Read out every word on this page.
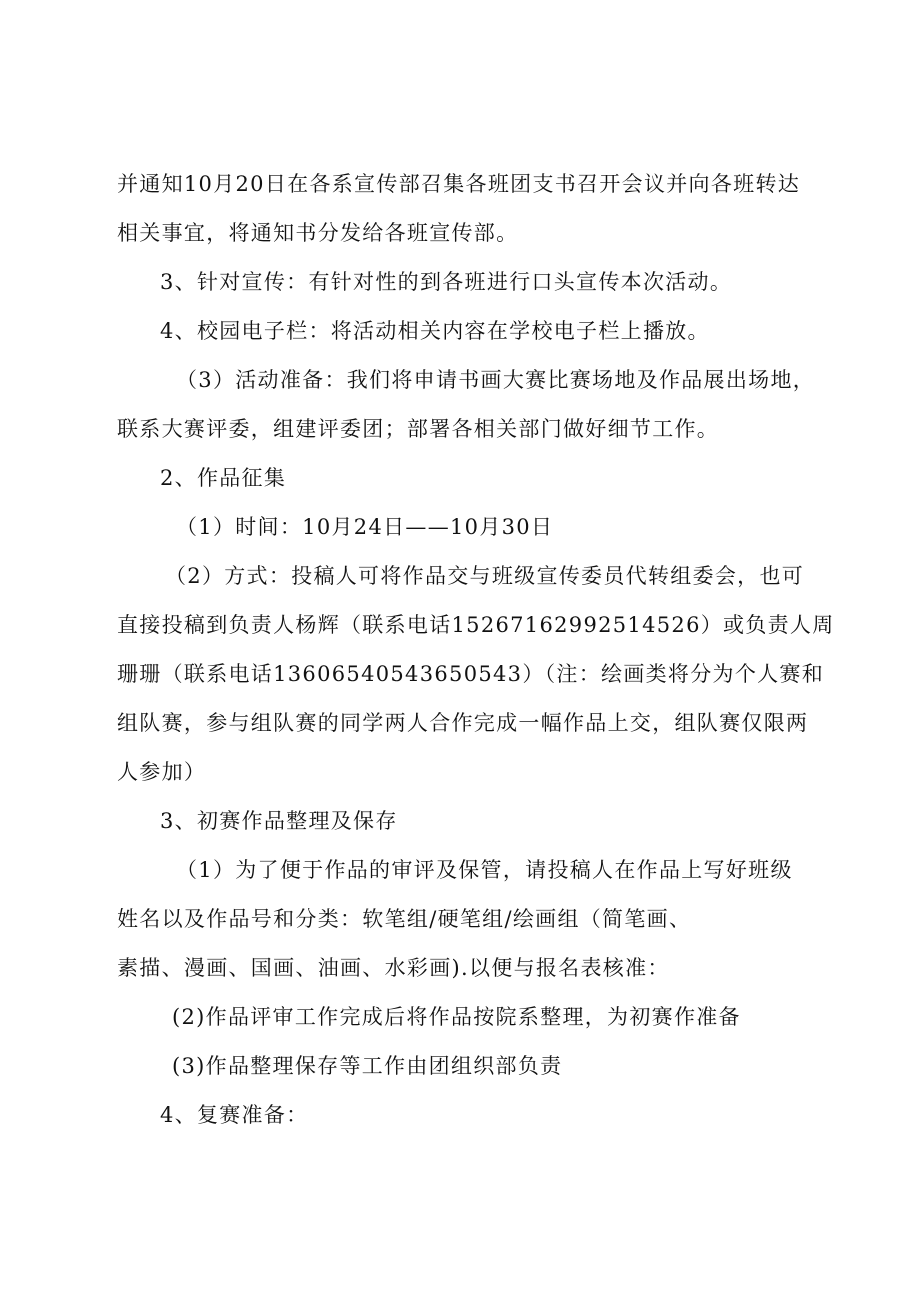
并通知10月20日在各系宣传部召集各班团支书召开会议并向各班转达
相关事宜，将通知书分发给各班宣传部。
3、针对宣传：有针对性的到各班进行口头宣传本次活动。
4、校园电子栏：将活动相关内容在学校电子栏上播放。
（3）活动准备：我们将申请书画大赛比赛场地及作品展出场地，
联系大赛评委，组建评委团；部署各相关部门做好细节工作。
2、作品征集
（1）时间：10月24日——10月30日
（2）方式：投稿人可将作品交与班级宣传委员代转组委会，也可
直接投稿到负责人杨辉（联系电话15267162992514526）或负责人周
珊珊（联系电话13606540543650543）（注：绘画类将分为个人赛和
组队赛，参与组队赛的同学两人合作完成一幅作品上交，组队赛仅限两
人参加）
3、初赛作品整理及保存
（1）为了便于作品的审评及保管，请投稿人在作品上写好班级
姓名以及作品号和分类：软笔组/硬笔组/绘画组（简笔画、
素描、漫画、国画、油画、水彩画).以便与报名表核准：
(2)作品评审工作完成后将作品按院系整理，为初赛作准备
(3)作品整理保存等工作由团组织部负责
4、复赛准备：
